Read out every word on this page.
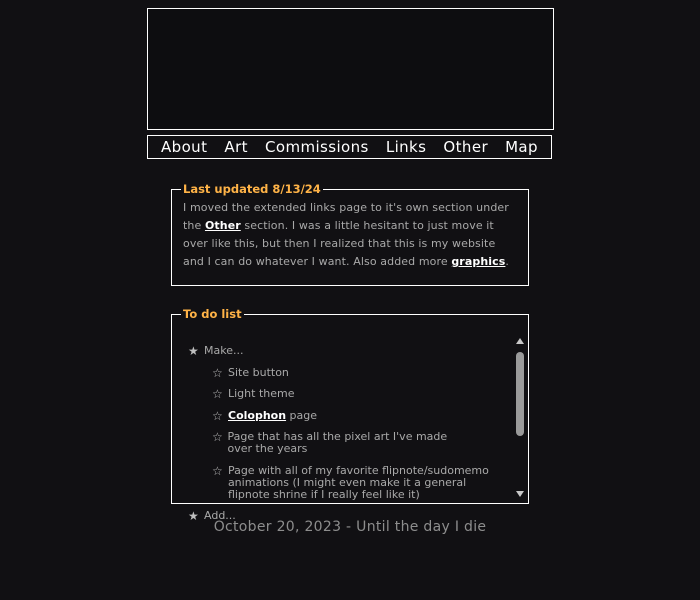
About Art Commissions Links Other Map
Last updated 8/13/24
I moved the extended links page to it's own section under the Other section. I was a little hesitant to just move it over like this, but then I realized that this is my website and I can do whatever I want. Also added more graphics.
To do list
★ Make...
☆ Site button
☆ Light theme
☆ Colophon page
☆ Page that has all the pixel art I've made over the years
☆ Page with all of my favorite flipnote/sudomemo animations (I might even make it a general flipnote shrine if I really feel like it)
★ Add...
October 20, 2023 - Until the day I die
